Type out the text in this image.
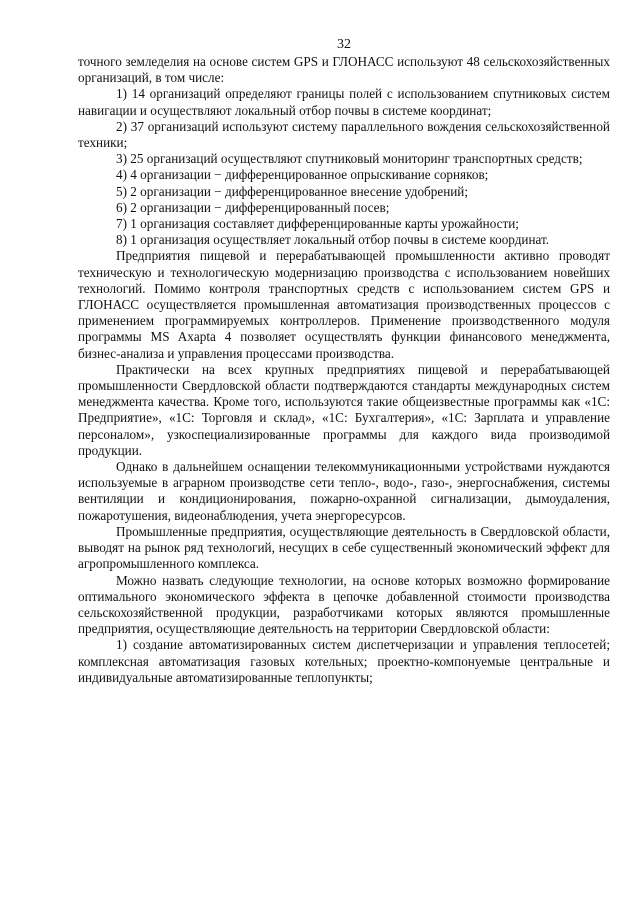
32

точного земледелия на основе систем GPS и ГЛОНАСС используют 48 сельскохозяйственных организаций, в том числе:

1) 14 организаций определяют границы полей с использованием спутниковых систем навигации и осуществляют локальный отбор почвы в системе координат;

2) 37 организаций используют систему параллельного вождения сельскохозяйственной техники;

3) 25 организаций осуществляют спутниковый мониторинг транспортных средств;

4) 4 организации − дифференцированное опрыскивание сорняков;

5) 2 организации − дифференцированное внесение удобрений;

6) 2 организации − дифференцированный посев;

7) 1 организация составляет дифференцированные карты урожайности;

8) 1 организация осуществляет локальный отбор почвы в системе координат.

Предприятия пищевой и перерабатывающей промышленности активно проводят техническую и технологическую модернизацию производства с использованием новейших технологий. Помимо контроля транспортных средств с использованием систем GPS и ГЛОНАСС осуществляется промышленная автоматизация производственных процессов с применением программируемых контроллеров. Применение производственного модуля программы MS Axapta 4 позволяет осуществлять функции финансового менеджмента, бизнес-анализа и управления процессами производства.

Практически на всех крупных предприятиях пищевой и перерабатывающей промышленности Свердловской области подтверждаются стандарты международных систем менеджмента качества. Кроме того, используются такие общеизвестные программы как «1С: Предприятие», «1С: Торговля и склад», «1С: Бухгалтерия», «1С: Зарплата и управление персоналом», узкоспециализированные программы для каждого вида производимой продукции.

Однако в дальнейшем оснащении телекоммуникационными устройствами нуждаются используемые в аграрном производстве сети тепло-, водо-, газо-, энергоснабжения, системы вентиляции и кондиционирования, пожарно-охранной сигнализации, дымоудаления, пожаротушения, видеонаблюдения, учета энергоресурсов.

Промышленные предприятия, осуществляющие деятельность в Свердловской области, выводят на рынок ряд технологий, несущих в себе существенный экономический эффект для агропромышленного комплекса.

Можно назвать следующие технологии, на основе которых возможно формирование оптимального экономического эффекта в цепочке добавленной стоимости производства сельскохозяйственной продукции, разработчиками которых являются промышленные предприятия, осуществляющие деятельность на территории Свердловской области:

1) создание автоматизированных систем диспетчеризации и управления теплосетей; комплексная автоматизация газовых котельных; проектно-компонуемые центральные и индивидуальные автоматизированные теплопункты;
